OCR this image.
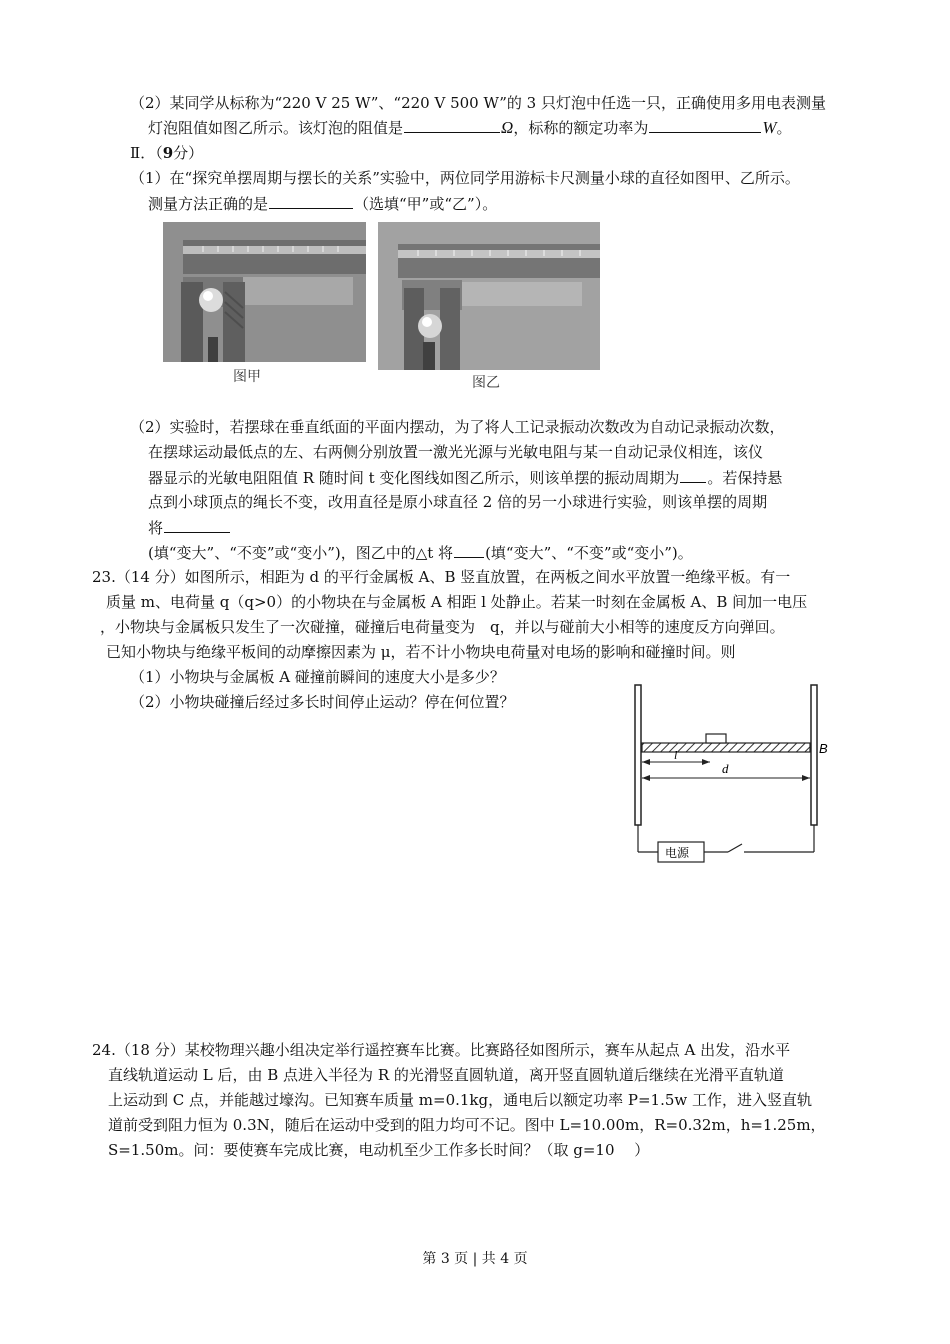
（2）某同学从标称为“220 V 25 W”、“220 V 500 W”的 3 只灯泡中任选一只，正确使用多用电表测量
灯泡阻值如图乙所示。该灯泡的阻值是	Ω，标称的额定功率为	W。
Ⅱ．（9分）
（1）在“探究单摆周期与摆长的关系”实验中，两位同学用游标卡尺测量小球的直径如图甲、乙所示。
测量方法正确的是	（选填“甲”或“乙”）。
图甲	图乙
（2）实验时，若摆球在垂直纸面的平面内摆动，为了将人工记录振动次数改为自动记录振动次数，
在摆球运动最低点的左、右两侧分别放置一激光光源与光敏电阻与某一自动记录仪相连，该仪
器显示的光敏电阻阻值 R 随时间 t 变化图线如图乙所示，则该单摆的振动周期为 。若保持悬
点到小球顶点的绳长不变，改用直径是原小球直径 2 倍的另一小球进行实验，则该单摆的周期
将
(填“变大”、“不变”或“变小”)，图乙中的△t 将 (填“变大”、“不变”或“变小”)。
23.（14 分）如图所示，相距为 d 的平行金属板 A、B 竖直放置，在两板之间水平放置一绝缘平板。有一
质量 m、电荷量 q（q>0）的小物块在与金属板 A 相距 l 处静止。若某一时刻在金属板 A、B 间加一电压
，小物块与金属板只发生了一次碰撞，碰撞后电荷量变为　q，并以与碰前大小相等的速度反方向弹回。
已知小物块与绝缘平板间的动摩擦因素为 μ，若不计小物块电荷量对电场的影响和碰撞时间。则
（1）小物块与金属板 A 碰撞前瞬间的速度大小是多少？
（2）小物块碰撞后经过多长时间停止运动？停在何位置？
B
l
d
电源
24.（18 分）某校物理兴趣小组决定举行遥控赛车比赛。比赛路径如图所示，赛车从起点 A 出发，沿水平
直线轨道运动 L 后，由 B 点进入半径为 R 的光滑竖直圆轨道，离开竖直圆轨道后继续在光滑平直轨道
上运动到 C 点，并能越过壕沟。已知赛车质量 m=0.1kg，通电后以额定功率 P=1.5w 工作，进入竖直轨
道前受到阻力恒为 0.3N，随后在运动中受到的阻力均可不记。图中 L=10.00m，R=0.32m，h=1.25m，
S=1.50m。问：要使赛车完成比赛，电动机至少工作多长时间？（取 g=10　 ）
第 3 页 | 共 4 页
